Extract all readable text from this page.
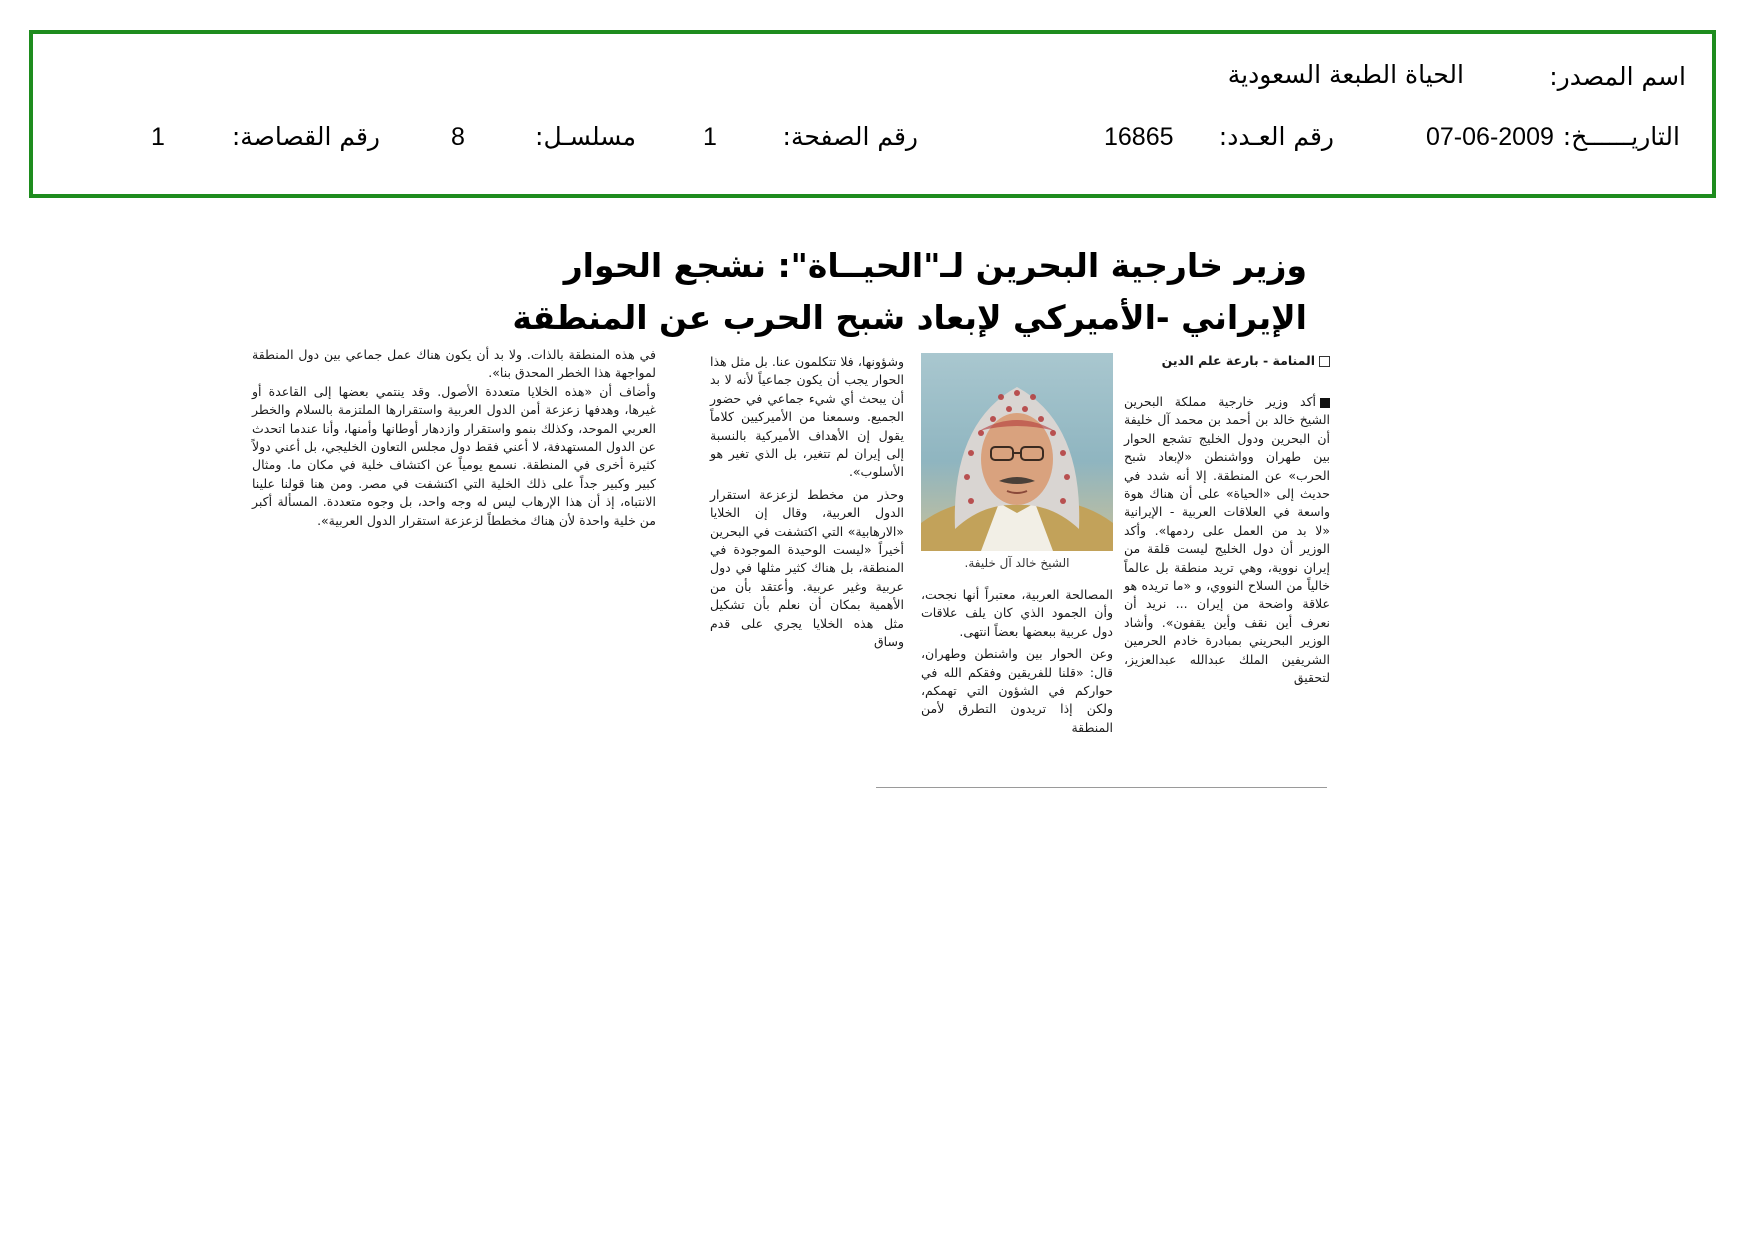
اسم المصدر:
الحياة الطبعة السعودية
التاريــــــخ:
07-06-2009
رقم العـدد:
16865
رقم الصفحة:
1
مسلسـل:
8
رقم القصاصة:
1
وزير خارجية البحرين لـ"الحيــاة": نشجع الحوار
الإيراني -الأميركي لإبعاد شبح الحرب عن المنطقة
المنامة - بارعة علم الدين

أكد وزير خارجية مملكة البحرين الشيخ خالد بن أحمد بن محمد آل خليفة أن البحرين ودول الخليج تشجع الحوار بين طهران وواشنطن «لإبعاد شبح الحرب» عن المنطقة. إلا أنه شدد في حديث إلى «الحياة» على أن هناك هوة واسعة في العلاقات العربية - الإيرانية «لا بد من العمل على ردمها». وأكد الوزير أن دول الخليج ليست قلقة من إيران نووية، وهي تريد منطقة بل عالماً خالياً من السلاح النووي، و «ما تريده هو علاقة واضحة من إيران ... نريد أن نعرف أين نقف وأين يقفون». وأشاد الوزير البحريني بمبادرة خادم الحرمين الشريفين الملك عبدالله عبدالعزيز، لتحقيق

الشيخ خالد آل خليفة.

المصالحة العربية، معتبراً أنها نجحت، وأن الجمود الذي كان يلف علاقات دول عربية ببعضها بعضاً انتهى.

وعن الحوار بين واشنطن وطهران، قال: «قلنا للفريقين وفقكم الله في حواركم في الشؤون التي تهمكم، ولكن إذا تريدون التطرق لأمن المنطقة

وشؤونها، فلا تتكلمون عنا. بل مثل هذا الحوار يجب أن يكون جماعياً لأنه لا بد أن يبحث أي شيء جماعي في حضور الجميع. وسمعنا من الأميركيين كلاماً يقول إن الأهداف الأميركية بالنسبة إلى إيران لم تتغير، بل الذي تغير هو الأسلوب».

وحذر من مخطط لزعزعة استقرار الدول العربية، وقال إن الخلايا «الارهابية» التي اكتشفت في البحرين أخيراً «ليست الوحيدة الموجودة في المنطقة، بل هناك كثير مثلها في دول عربية وغير عربية. وأعتقد بأن من الأهمية بمكان أن نعلم بأن تشكيل مثل هذه الخلايا يجري على قدم وساق

في هذه المنطقة بالذات. ولا بد أن يكون هناك عمل جماعي بين دول المنطقة لمواجهة هذا الخطر المحدق بنا».

وأضاف أن «هذه الخلايا متعددة الأصول. وقد ينتمي بعضها إلى القاعدة أو غيرها، وهدفها زعزعة أمن الدول العربية واستقرارها الملتزمة بالسلام والخطر العربي الموحد، وكذلك بنمو واستقرار وازدهار أوطانها وأمنها، وأنا عندما اتحدث عن الدول المستهدفة، لا أعني فقط دول مجلس التعاون الخليجي، بل أعني دولاً كثيرة أخرى في المنطقة. نسمع يومياً عن اكتشاف خلية في مكان ما. ومثال كبير وكبير جداً على ذلك الخلية التي اكتشفت في مصر. ومن هنا قولنا علينا الانتباه، إذ أن هذا الإرهاب ليس له وجه واحد، بل وجوه متعددة. المسألة أكبر من خلية واحدة لأن هناك مخططاً لزعزعة استقرار الدول العربية».
